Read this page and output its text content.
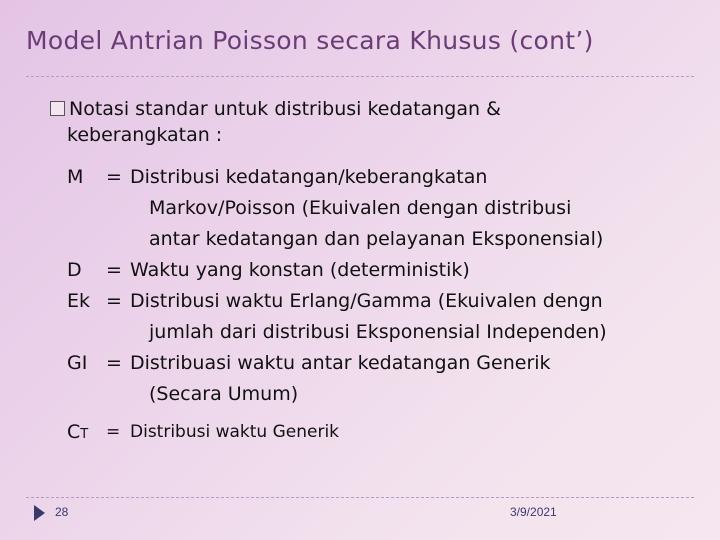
Model Antrian Poisson secara Khusus (cont’)
Notasi standar untuk distribusi kedatangan &
keberangkatan :
M	= Distribusi kedatangan/keberangkatan
Markov/Poisson (Ekuivalen dengan distribusi
antar kedatangan dan pelayanan Eksponensial)
D	= Waktu yang konstan (deterministik)
Ek = Distribusi waktu Erlang/Gamma (Ekuivalen dengn
jumlah dari distribusi Eksponensial Independen)
GI = Distribuasi waktu antar kedatangan Generik
(Secara Umum)
CT	= Distribusi waktu Generik
28	3/9/2021
